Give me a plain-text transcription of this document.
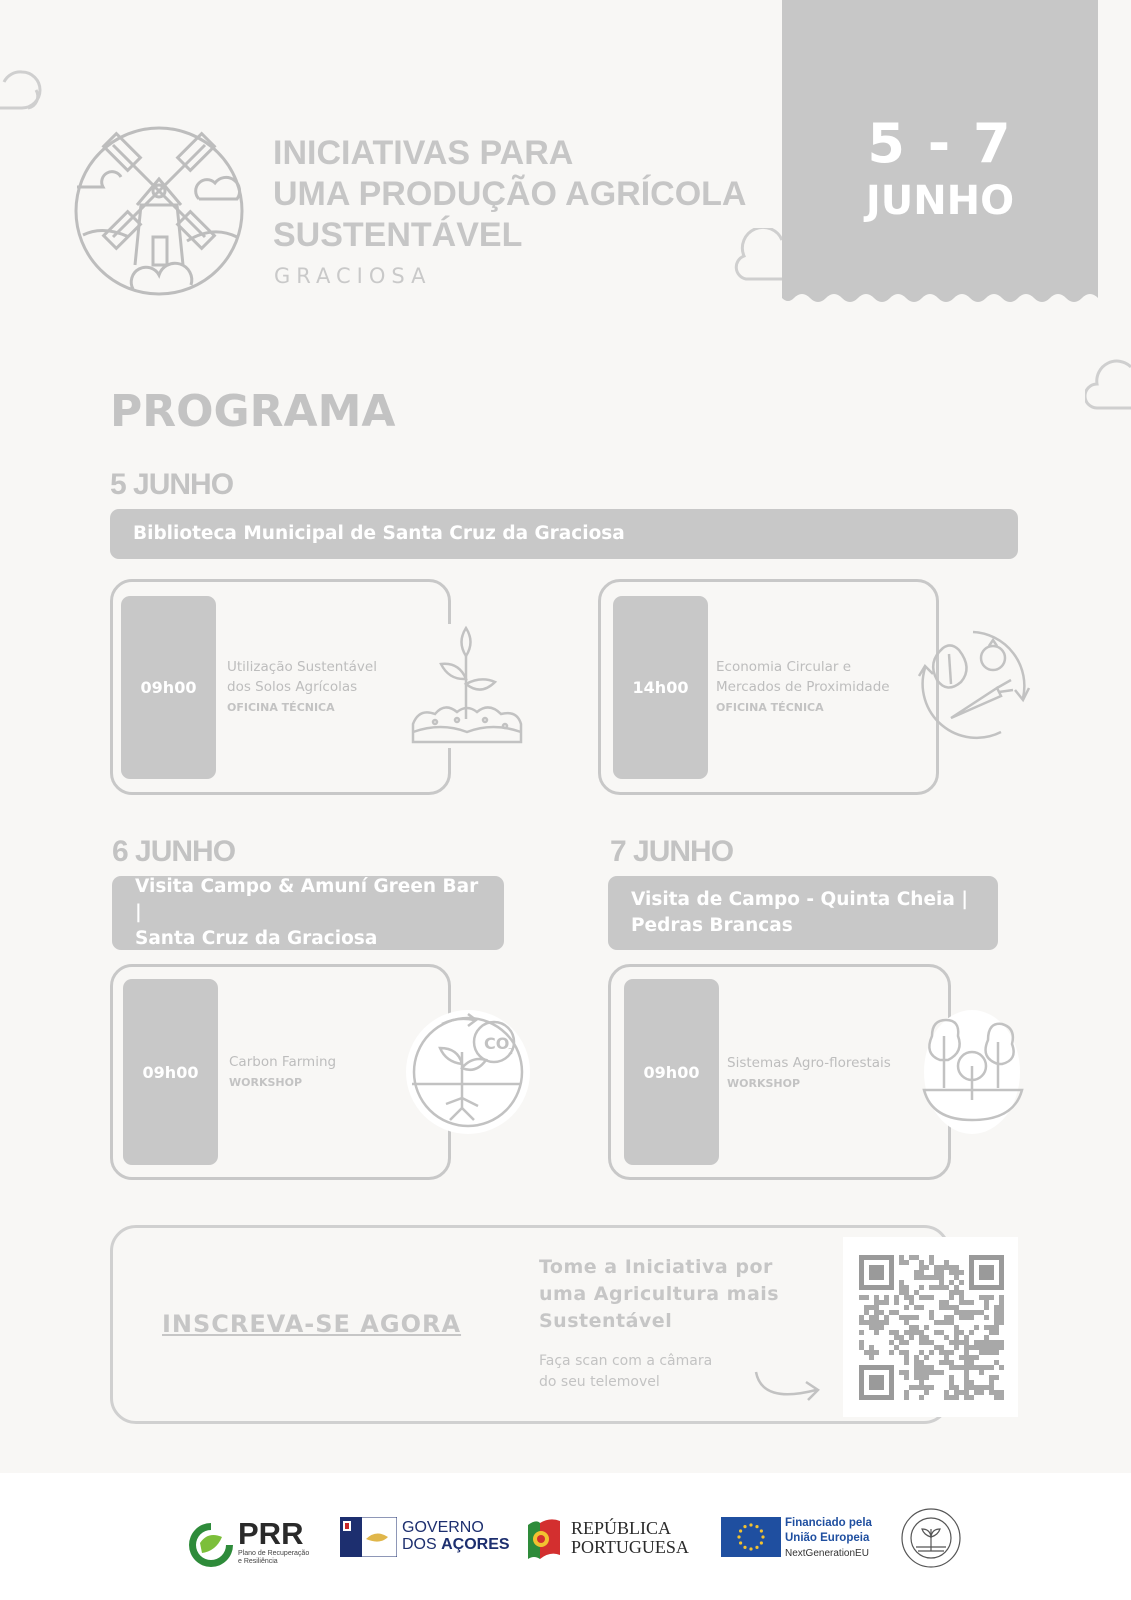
INICIATIVAS PARA
UMA PRODUÇÃO AGRÍCOLA
SUSTENTÁVEL
GRACIOSA
5 - 7
JUNHO
PROGRAMA
5 JUNHO
Biblioteca Municipal de Santa Cruz da Graciosa
09h00
Utilização Sustentável
dos Solos Agrícolas
OFICINA TÉCNICA
14h00
Economia Circular e
Mercados de Proximidade
OFICINA TÉCNICA
6 JUNHO
Visita Campo & Amuní Green Bar |
Santa Cruz da Graciosa
09h00
Carbon Farming
WORKSHOP
CO
2
7 JUNHO
Visita de Campo - Quinta Cheia |
Pedras Brancas
09h00	Sistemas Agro-florestais
WORKSHOP
INSCREVA-SE AGORA
Tome a Iniciativa por
uma Agricultura mais
Sustentável
Faça scan com a câmara
do seu telemovel
PRR
Plano de Recuperação
e Resiliência
GOVERNO
DOS AÇORES
REPÚBLICA
PORTUGUESA
Financiado pela
União Europeia
NextGenerationEU
